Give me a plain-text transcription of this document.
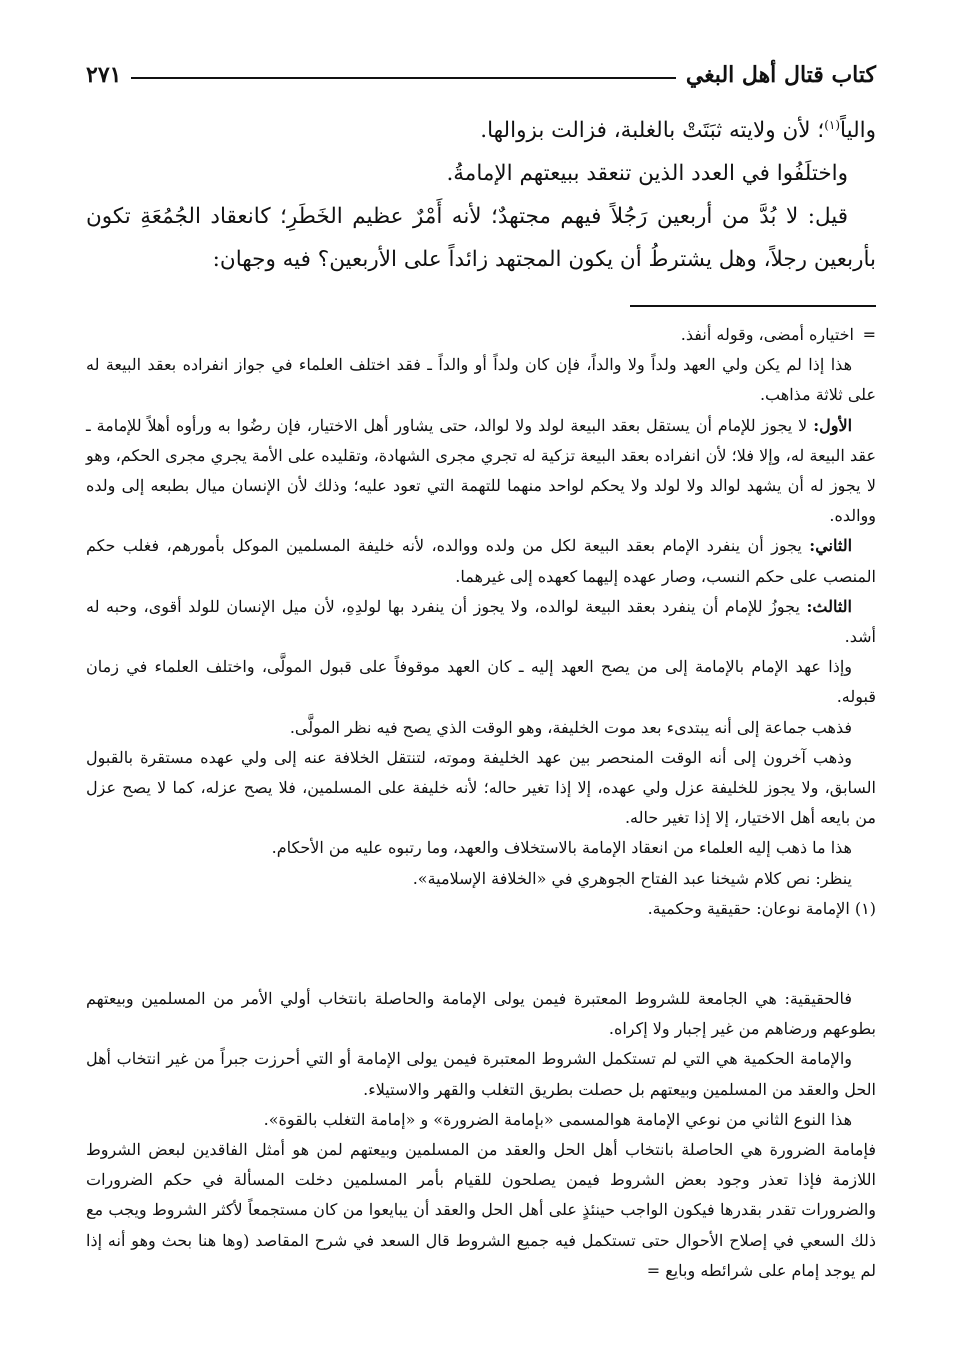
كتاب قتال أهل البغي
٢٧١

والياً$^{(١)}$؛ لأن ولايته ثبَتَتْ بالغلبة، فزالت بزوالها.

واختلَفُوا في العدد الذين تنعقد ببيعتهم الإمامةُ.

قيل: لا بُدَّ من أربعين رَجُلاً فيهم مجتهدٌ؛ لأنه أَمْرٌ عظيم الخَطَرِ؛ كانعقاد الجُمُعَةِ تكون بأربعين رجلاً، وهل يشترطُ أن يكون المجتهد زائداً على الأربعين؟ فيه وجهان:

=
اختياره أمضى، وقوله أنفذ.

هذا إذا لم يكن ولي العهد ولداً ولا والداً، فإن كان ولداً أو والداً ـ فقد اختلف العلماء في جواز انفراده بعقد البيعة له على ثلاثة مذاهب.

الأول: لا يجوز للإمام أن يستقل بعقد البيعة لولد ولا لوالد، حتى يشاور أهل الاختيار، فإن رضُوا به ورأوه أهلاً للإمامة ـ عقد البيعة له، وإلا فلا؛ لأن انفراده بعقد البيعة تزكية له تجري مجرى الشهادة، وتقليده على الأمة يجري مجرى الحكم، وهو لا يجوز له أن يشهد لوالد ولا لولد ولا يحكم لواحد منهما للتهمة التي تعود عليه؛ وذلك لأن الإنسان ميال بطبعه إلى ولده ووالده.

الثاني: يجوز أن ينفرد الإمام بعقد البيعة لكل من ولده ووالده، لأنه خليفة المسلمين الموكل بأمورهم، فغلب حكم المنصب على حكم النسب، وصار عهده إليهما كعهده إلى غيرهما.

الثالث: يجوزُ للإمام أن ينفرد بعقد البيعة لوالده، ولا يجوز أن ينفرد بها لولدِهِ، لأن ميل الإنسان للولد أقوى، وحبه له أشد.

وإذا عهد الإمام بالإمامة إلى من يصح العهد إليه ـ كان العهد موقوفاً على قبول المولَّى، واختلف العلماء في زمان قبوله.

فذهب جماعة إلى أنه يبتدىء بعد موت الخليفة، وهو الوقت الذي يصح فيه نظر المولَّى.

وذهب آخرون إلى أنه الوقت المنحصر بين عهد الخليفة وموته، لتنتقل الخلافة عنه إلى ولي عهده مستقرة بالقبول السابق، ولا يجوز للخليفة عزل ولي عهده، إلا إذا تغير حاله؛ لأنه خليفة على المسلمين، فلا يصح عزله، كما لا يصح عزل من بايعه أهل الاختيار، إلا إذا تغير حاله.

هذا ما ذهب إليه العلماء من انعقاد الإمامة بالاستخلاف والعهد، وما رتبوه عليه من الأحكام.

ينظر: نص كلام شيخنا عبد الفتاح الجوهري في «الخلافة الإسلامية».

(١) الإمامة نوعان: حقيقية وحكمية.

فالحقيقية: هي الجامعة للشروط المعتبرة فيمن يولى الإمامة والحاصلة بانتخاب أولي الأمر من المسلمين وبيعتهم بطوعهم ورضاهم من غير إجبار ولا إكراه.

والإمامة الحكمية هي التي لم تستكمل الشروط المعتبرة فيمن يولى الإمامة أو التي أحرزت جبراً من غير انتخاب أهل الحل والعقد من المسلمين وبيعتهم بل حصلت بطريق التغلب والقهر والاستيلاء.

هذا النوع الثاني من نوعي الإمامة هوالمسمى «بإمامة الضرورة» و «إمامة التغلب بالقوة».

فإمامة الضرورة هي الحاصلة بانتخاب أهل الحل والعقد من المسلمين وبيعتهم لمن هو أمثل الفاقدين لبعض الشروط اللازمة فإذا تعذر وجود بعض الشروط فيمن يصلحون للقيام بأمر المسلمين دخلت المسألة في حكم الضرورات والضرورات تقدر بقدرها فيكون الواجب حينئذٍ على أهل الحل والعقد أن يبايعوا من كان مستجمعاً لأكثر الشروط ويجب مع ذلك السعي في إصلاح الأحوال حتى تستكمل فيه جميع الشروط قال السعد في شرح المقاصد (وها هنا بحث وهو أنه إذا لم يوجد إمام على شرائطه وبايع =
